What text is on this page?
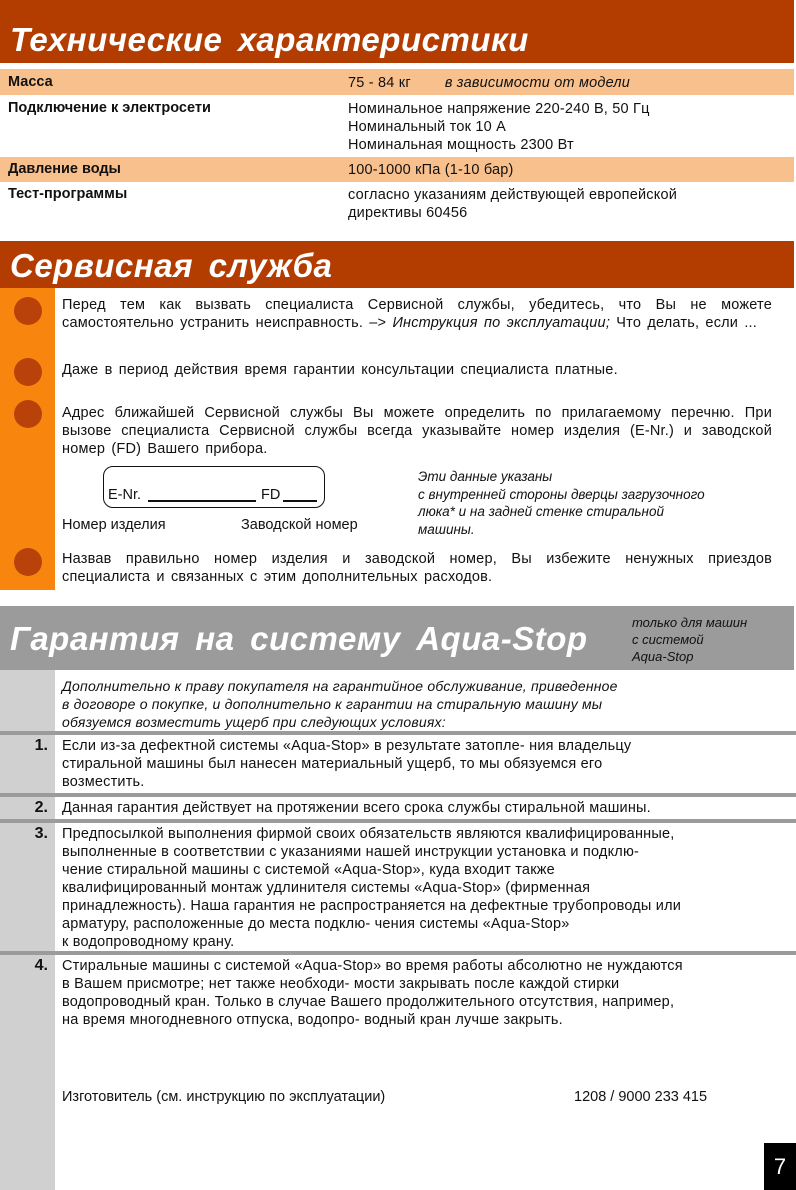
Технические характеристики
Масса	75 - 84 кг в зависимости от модели
Подключение к электросети	Номинальное напряжение 220-240 В, 50 Гц
Номинальный ток 10 А
Номинальная мощность 2300 Вт
Давление воды	100-1000 кПа (1-10 бар)
Тест-программы	согласно указаниям действующей европейской
директивы 60456
Сервисная служба
Перед тем как вызвать специалиста Сервисной службы, убедитесь, что Вы не можете самостоятельно устранить неисправность. –> Инструкция по эксплуатации; Что делать, если ...
Даже в период действия время гарантии консультации специалиста платные.
Адрес ближайшей Сервисной службы Вы можете определить по прилагаемому перечню. При вызове специалиста Сервисной службы всегда указывайте номер изделия (E-Nr.) и заводской номер (FD) Вашего прибора.
E-Nr.	FD
Номер изделия	Заводской номер
Эти данные указаны
с внутренней стороны дверцы загрузочного
люка* и на задней стенке стиральной
машины.
Назвав правильно номер изделия и заводской номер, Вы избежите ненужных приездов специалиста и связанных с этим дополнительных расходов.
Гарантия на систему Aqua-Stop	только для машин
с системой
Aqua-Stop
Дополнительно к праву покупателя на гарантийное обслуживание, приведенное
в договоре о покупке, и дополнительно к гарантии на стиральную машину мы
обязуемся возместить ущерб при следующих условиях:
1. Если из-за дефектной системы «Aqua-Stop» в результате затопле- ния владельцу
стиральной машины был нанесен материальный ущерб, то мы обязуемся его
возместить.
2. Данная гарантия действует на протяжении всего срока службы стиральной машины.
3. Предпосылкой выполнения фирмой своих обязательств являются квалифицированные,
выполненные в соответствии с указаниями нашей инструкции установка и подклю-
чение стиральной машины с системой «Aqua-Stop», куда входит также
квалифицированный монтаж удлинителя системы «Aqua-Stop» (фирменная
принадлежность). Наша гарантия не распространяется на дефектные трубопроводы или
арматуру, расположенные до места подклю- чения системы «Aqua-Stop»
к водопроводному крану.
4. Стиральные машины с системой «Aqua-Stop» во время работы абсолютно не нуждаются
в Вашем присмотре; нет также необходи- мости закрывать после каждой стирки
водопроводный кран. Только в случае Вашего продолжительного отсутствия, например,
на время многодневного отпуска, водопро- водный кран лучше закрыть.
Изготовитель (см. инструкцию по эксплуатации)	1208 / 9000 233 415
7
